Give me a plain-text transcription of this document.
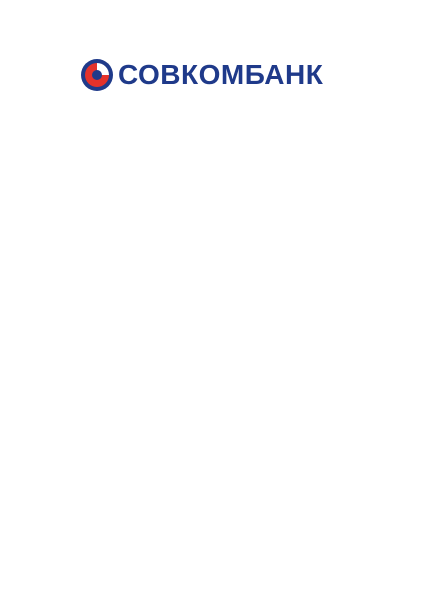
СОВКОМБАНК
